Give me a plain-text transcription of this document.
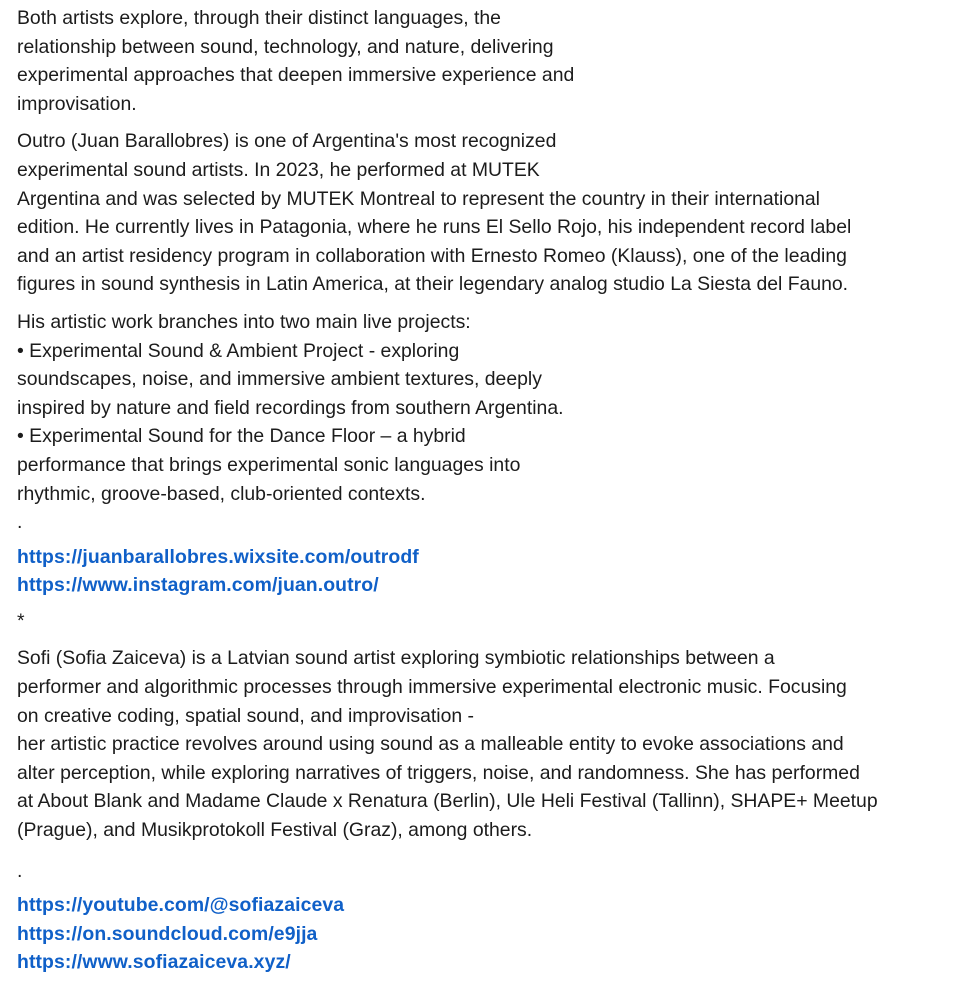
Both artists explore, through their distinct languages, the
relationship between sound, technology, and nature, delivering
experimental approaches that deepen immersive experience and
improvisation.

Outro (Juan Barallobres) is one of Argentina's most recognized
experimental sound artists. In 2023, he performed at MUTEK
Argentina and was selected by MUTEK Montreal to represent the country in their international
edition. He currently lives in Patagonia, where he runs El Sello Rojo, his independent record label
and an artist residency program in collaboration with Ernesto Romeo (Klauss), one of the leading
figures in sound synthesis in Latin America, at their legendary analog studio La Siesta del Fauno.

His artistic work branches into two main live projects:
• Experimental Sound & Ambient Project - exploring
soundscapes, noise, and immersive ambient textures, deeply
inspired by nature and field recordings from southern Argentina.
• Experimental Sound for the Dance Floor – a hybrid
performance that brings experimental sonic languages into
rhythmic, groove-based, club-oriented contexts.

.
https://juanbarallobres.wixsite.com/outrodf
https://www.instagram.com/juan.outro/
*

Sofi (Sofia Zaiceva) is a Latvian sound artist exploring symbiotic relationships between a
performer and algorithmic processes through immersive experimental electronic music. Focusing
on creative coding, spatial sound, and improvisation -
her artistic practice revolves around using sound as a malleable entity to evoke associations and
alter perception, while exploring narratives of triggers, noise, and randomness. She has performed
at About Blank and Madame Claude x Renatura (Berlin), Ule Heli Festival (Tallinn), SHAPE+ Meetup
(Prague), and Musikprotokoll Festival (Graz), among others.

.
https://youtube.com/@sofiazaiceva
https://on.soundcloud.com/e9jja
https://www.sofiazaiceva.xyz/
